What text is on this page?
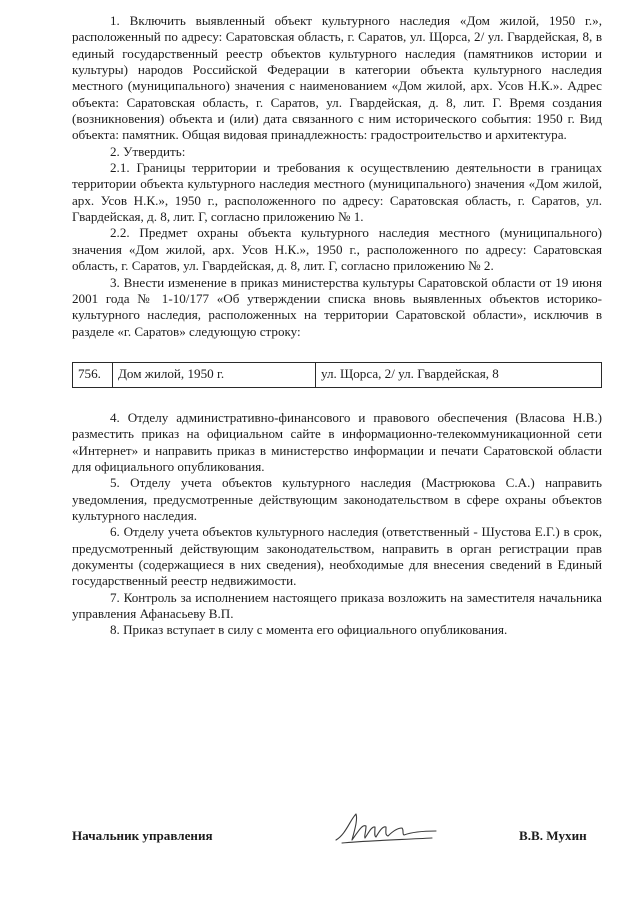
1. Включить выявленный объект культурного наследия «Дом жилой, 1950 г.», расположенный по адресу: Саратовская область, г. Саратов, ул. Щорса, 2/ ул. Гвардейская, 8, в единый государственный реестр объектов культурного наследия (памятников истории и культуры) народов Российской Федерации в категории объекта культурного наследия местного (муниципального) значения с наименованием «Дом жилой, арх. Усов Н.К.». Адрес объекта: Саратовская область, г. Саратов, ул. Гвардейская, д. 8, лит. Г. Время создания (возникновения) объекта и (или) дата связанного с ним исторического события: 1950 г. Вид объекта: памятник. Общая видовая принадлежность: градостроительство и архитектура.

2. Утвердить:

2.1. Границы территории и требования к осуществлению деятельности в границах территории объекта культурного наследия местного (муниципального) значения «Дом жилой, арх. Усов Н.К.», 1950 г., расположенного по адресу: Саратовская область, г. Саратов, ул. Гвардейская, д. 8, лит. Г, согласно приложению № 1.

2.2. Предмет охраны объекта культурного наследия местного (муниципального) значения «Дом жилой, арх. Усов Н.К.», 1950 г., расположенного по адресу: Саратовская область, г. Саратов, ул. Гвардейская, д. 8, лит. Г, согласно приложению № 2.

3. Внести изменение в приказ министерства культуры Саратовской области от 19 июня 2001 года № 1-10/177 «Об утверждении списка вновь выявленных объектов историко-культурного наследия, расположенных на территории Саратовской области», исключив в разделе «г. Саратов» следующую строку:

756.	Дом жилой, 1950 г.	ул. Щорса, 2/ ул. Гвардейская, 8

4. Отделу административно-финансового и правового обеспечения (Власова Н.В.) разместить приказ на официальном сайте в информационно-телекоммуникационной сети «Интернет» и направить приказ в министерство информации и печати Саратовской области для официального опубликования.

5. Отделу учета объектов культурного наследия (Мастрюкова С.А.) направить уведомления, предусмотренные действующим законодательством в сфере охраны объектов культурного наследия.

6. Отделу учета объектов культурного наследия (ответственный - Шустова Е.Г.) в срок, предусмотренный действующим законодательством, направить в орган регистрации прав документы (содержащиеся в них сведения), необходимые для внесения сведений в Единый государственный реестр недвижимости.

7. Контроль за исполнением настоящего приказа возложить на заместителя начальника управления Афанасьеву В.П.

8. Приказ вступает в силу с момента его официального опубликования.

Начальник управления	В.В. Мухин
